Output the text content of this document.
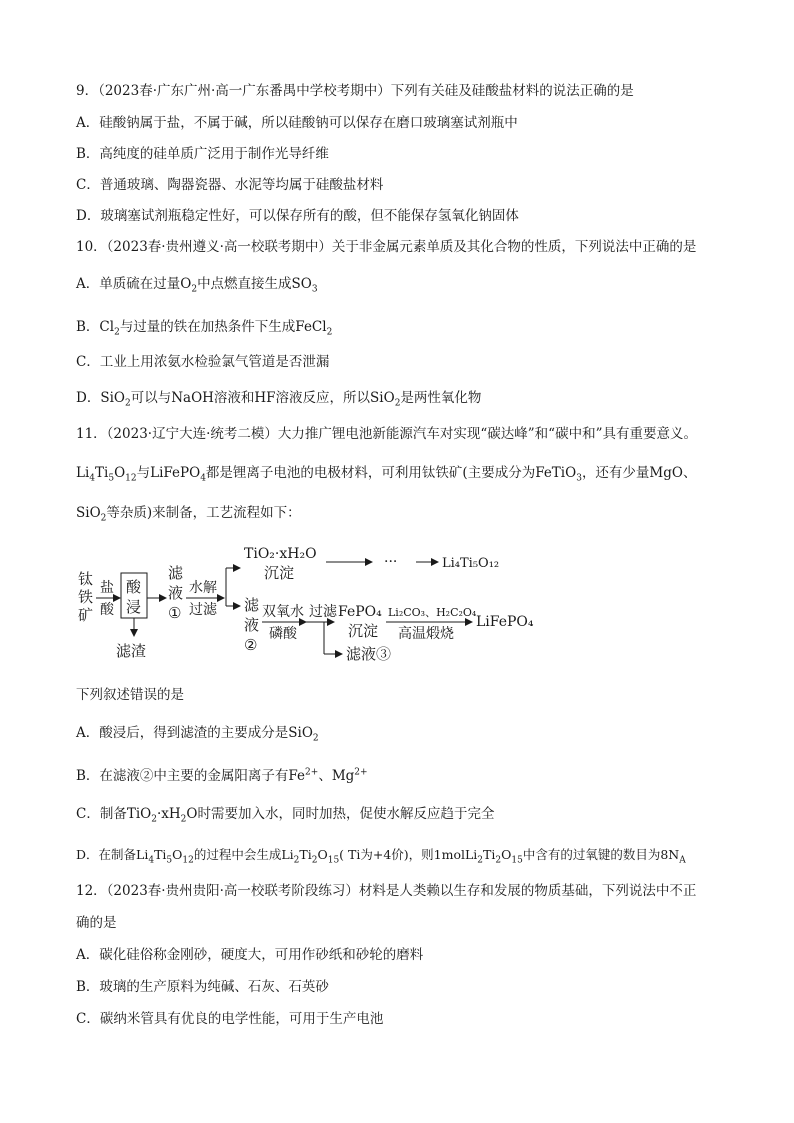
9．（2023春·广东广州·高一广东番禺中学校考期中）下列有关硅及硅酸盐材料的说法正确的是
A．硅酸钠属于盐，不属于碱，所以硅酸钠可以保存在磨口玻璃塞试剂瓶中
B．高纯度的硅单质广泛用于制作光导纤维
C．普通玻璃、陶器瓷器、水泥等均属于硅酸盐材料
D．玻璃塞试剂瓶稳定性好，可以保存所有的酸，但不能保存氢氧化钠固体
10．（2023春·贵州遵义·高一校联考期中）关于非金属元素单质及其化合物的性质，下列说法中正确的是
A．单质硫在过量$O_2$中点燃直接生成$SO_3$
B．$Cl_2$与过量的铁在加热条件下生成FeCl$_2$
C．工业上用浓氨水检验氯气管道是否泄漏
D．SiO$_2$可以与NaOH溶液和HF溶液反应，所以SiO$_2$是两性氧化物
11．（2023·辽宁大连·统考二模）大力推广锂电池新能源汽车对实现“碳达峰”和“碳中和”具有重要意义。
$Li_4Ti_5O_{12}$与LiFePO$_4$都是锂离子电池的电极材料，可利用钛铁矿(主要成分为FeTiO$_3$，还有少量MgO、
SiO$_2$等杂质)来制备，工艺流程如下：
钛
铁
矿
盐
酸
酸
浸
滤渣
滤
液
①
水解
过滤
TiO₂·xH₂O
沉淀
···	Li₄Ti₅O₁₂
滤
液
②
双氧水
磷酸
过滤
滤液③
FePO₄
沉淀
Li₂CO₃、H₂C₂O₄
高温煅烧
LiFePO₄
下列叙述错误的是
A．酸浸后，得到滤渣的主要成分是SiO$_2$
B．在滤液②中主要的金属阳离子有$Fe^{2+}$、$Mg^{2+}$
C．制备$TiO_2\cdot xH_2O$时需要加入水，同时加热，促使水解反应趋于完全
D．在制备$Li_4Ti_5O_{12}$的过程中会生成$Li_2Ti_2O_{15}$( Ti为+4价)，则$1molLi_2Ti_2O_{15}$中含有的过氧键的数目为$8N_A$
12．（2023春·贵州贵阳·高一校联考阶段练习）材料是人类赖以生存和发展的物质基础，下列说法中不正
确的是
A．碳化硅俗称金刚砂，硬度大，可用作砂纸和砂轮的磨料
B．玻璃的生产原料为纯碱、石灰、石英砂
C．碳纳米管具有优良的电学性能，可用于生产电池
